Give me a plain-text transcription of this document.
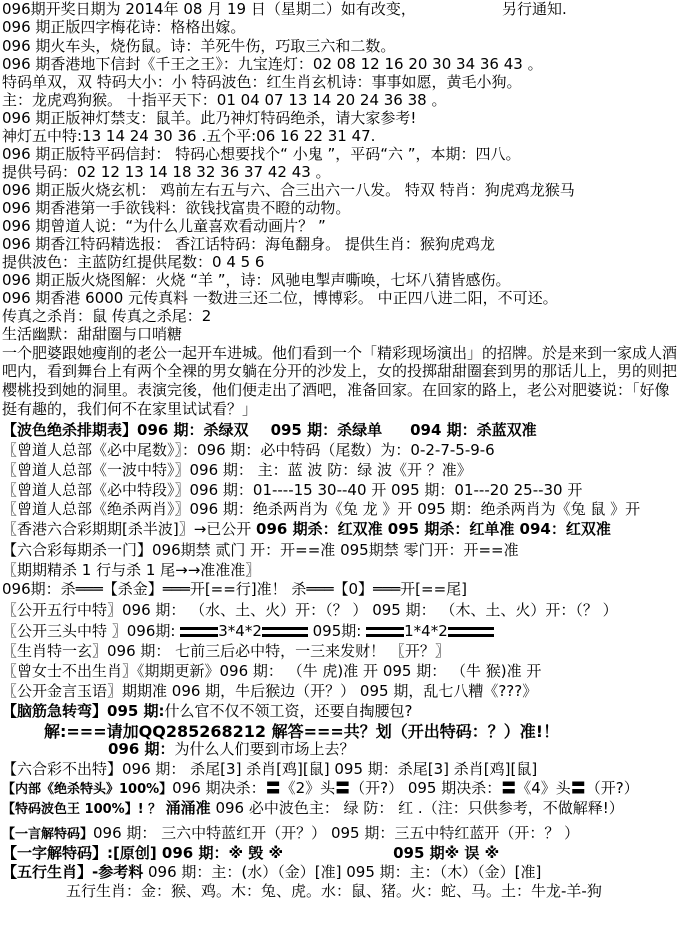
096期开奖日期为 2014年 08 月 19 日（星期二）如有改变，	另行通知.
096 期正版四字梅花诗：格格出嫁。
096 期火车头，烧伤鼠。诗：羊死牛伤，巧取三六和二数。
096 期香港地下信封《千王之王》：九宝连灯：02 08 12 16 20 30 34 36 43 。
特码单双，双 特码大小：小 特码波色：红生肖玄机诗：事事如愿，黄毛小狗。
主：龙虎鸡狗猴。 十指平天下：01 04 07 13 14 20 24 36 38 。
096 期正版神灯禁支：鼠羊。此乃神灯特码绝杀，请大家参考!
神灯五中特:13 14 24 30 36 .五个平:06 16 22 31 47.
096 期正版特平码信封： 特码心想要找个“ 小鬼 ”，平码“六 ”，本期：四八。
提供号码：02 12 13 14 18 32 36 37 42 43 。
096 期正版火烧玄机： 鸡前左右五与六、合三出六一八发。 特双 特肖：狗虎鸡龙猴马
096 期香港第一手欲钱料：欲钱找富贵不瞪的动物。
096 期曾道人说：“为什么儿童喜欢看动画片？ ”
096 期香江特码精选报： 香江话特码：海龟翻身。 提供生肖：猴狗虎鸡龙
提供波色：主蓝防红提供尾数：0 4 5 6
096 期正版火烧图解：火烧 “羊 ”，诗：风驰电掣声嘶唤，七坏八猜皆感伤。
096 期香港 6000 元传真料 一数进三还二位，博博彩。 中正四八进二阳，不可还。
传真之杀肖：鼠 传真之杀尾：2
生活幽默：甜甜圈与口哨糖
一个肥婆跟她瘦削的老公一起开车进城。他们看到一个「精彩现场演出」的招牌。於是来到一家成人酒
吧内，看到舞台上有两个全裸的男女躺在分开的沙发上，女的投掷甜甜圈套到男的那话儿上，男的则把
樱桃投到她的洞里。表演完後，他们便走出了酒吧，准备回家。在回家的路上，老公对肥婆说：「好像
挺有趣的，我们何不在家里试试看？」
【波色绝杀排期表】096 期：杀绿双 095 期：杀绿单 094 期：杀蓝双准
〖曾道人总部《必中尾数》〗：096 期：必中特码（尾数）为：0-2-7-5-9-6
〖曾道人总部《一波中特》〗096 期： 主：蓝 波 防：绿 波《开 ？准》
〖曾道人总部《必中特段》〗096 期：01----15 30--40 开 095 期：01---20 25--30 开
〖曾道人总部《绝杀两肖》〗096 期：绝杀两肖为《兔 龙 》开 095 期：绝杀两肖为《兔 鼠 》开
〖香港六合彩期期[杀半波]〗→已公开 096 期杀：红双准 095 期杀：红单准 094：红双准
【六合彩每期杀一门】096期禁 贰门 开：开==准 095期禁 零门开：开==准
〖期期精杀 1 行与杀 1 尾→→准准准〗
096期：杀═══【杀金】═══开[==行]准！ 杀═══【0】═══开[==尾]
〖公开五行中特〗096 期： （水、土、火）开：（？ ） 095 期： （木、土、火）开：（？ ）
〖公开三头中特 〗096期:	3*4*2	095期:	1*4*2
〖生肖特一玄〗096 期： 七前三后必中特，一三来发财！ 〖开？〗
〖曾女士不出生肖〗《期期更新》096 期： （牛 虎)准 开 095 期： （牛 猴)准 开
〖公开金言玉语〗期期准 096 期，牛后猴边（开？） 095 期，乱七八糟《???》
【脑筋急转弯】095 期:什么官不仅不领工资，还要自掏腰包?
解:===请加QQ285268212 解答===共？划（开出特码：？）准!！
096 期：为什么人们要到市场上去？
【六合彩不出特】096 期： 杀尾[3] 杀肖[鸡][鼠] 095 期：杀尾[3] 杀肖[鸡][鼠]
【内部《绝杀特头》100%】096 期决杀：〓《2》头〓（开?） 095 期决杀：〓《4》头〓（开?）
【特码波色王 100%】! ？ 涌涌准 096 必中波色主： 绿 防： 红 .（注：只供参考，不做解释!）
【一言解特码】096 期： 三六中特蓝红开（开？） 095 期：三五中特红蓝开（开：？ ）
【一字解特码】:[原创] 096 期：※ 毁 ※	095 期※ 误 ※
【五行生肖】-参考料 096 期：主：(水）（金）[准] 095 期：主：（木）（金）[准]
五行生肖：金：猴、鸡。木：兔、虎。水：鼠、猪。火：蛇、马。土：牛龙-羊-狗
